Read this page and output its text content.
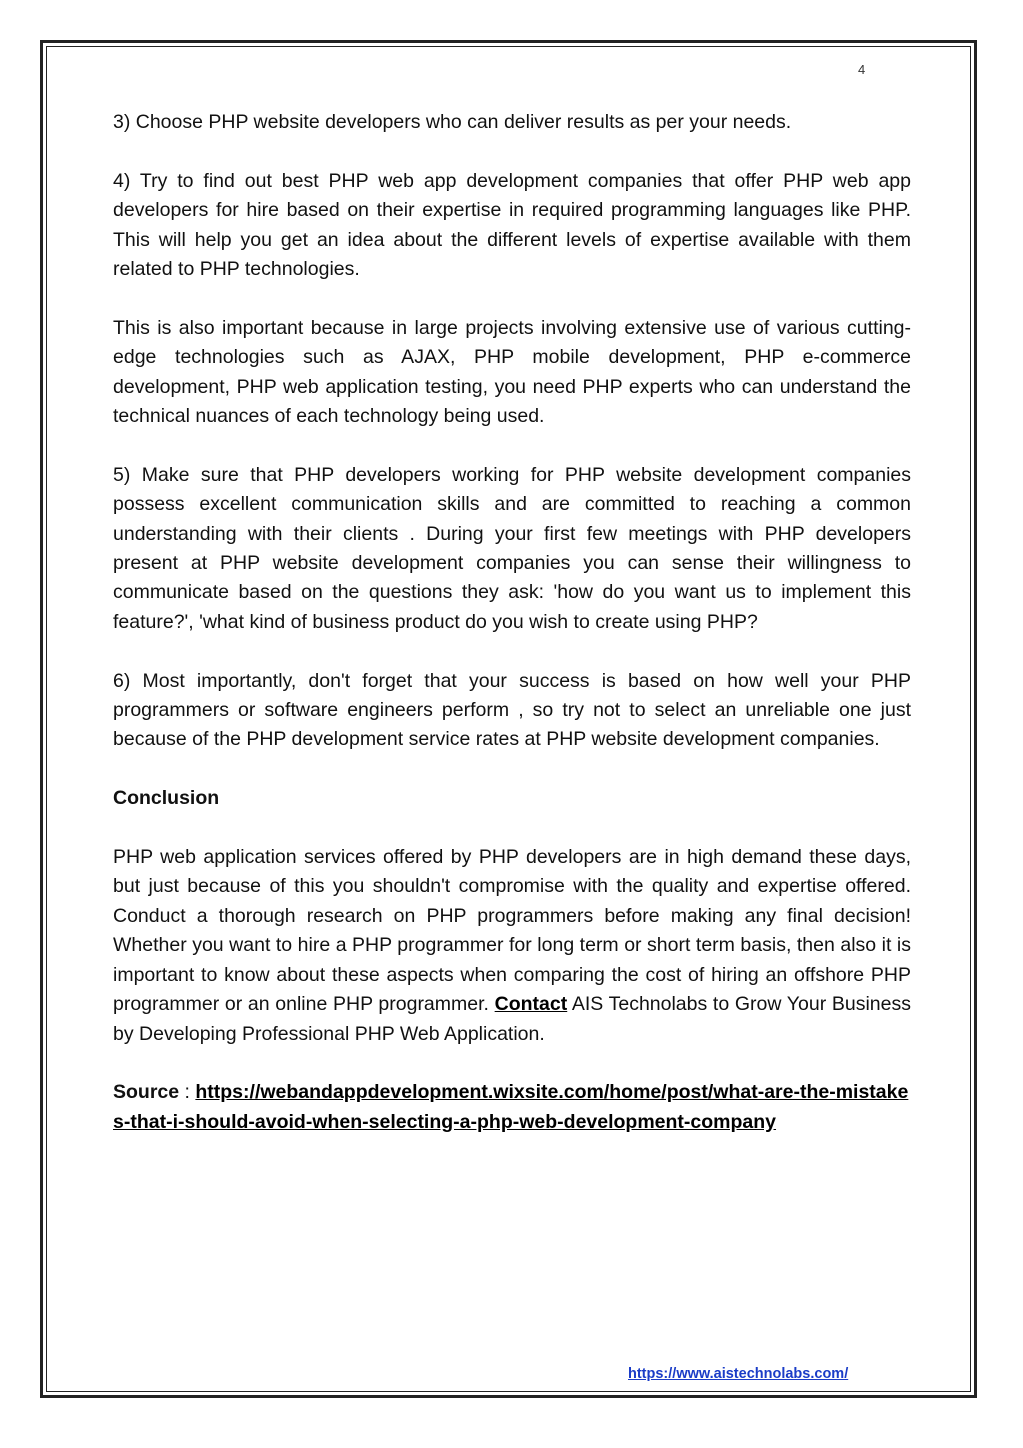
4

3) Choose PHP website developers who can deliver results as per your needs.

4) Try to find out best PHP web app development companies that offer PHP web app developers for hire based on their expertise in required programming languages like PHP. This will help you get an idea about the different levels of expertise available with them related to PHP technologies.

This is also important because in large projects involving extensive use of various cutting-edge technologies such as AJAX, PHP mobile development, PHP e-commerce development, PHP web application testing, you need PHP experts who can understand the technical nuances of each technology being used.

5) Make sure that PHP developers working for PHP website development companies possess excellent communication skills and are committed to reaching a common understanding with their clients . During your first few meetings with PHP developers present at PHP website development companies you can sense their willingness to communicate based on the questions they ask: 'how do you want us to implement this feature?', 'what kind of business product do you wish to create using PHP?

6) Most importantly, don't forget that your success is based on how well your PHP programmers or software engineers perform , so try not to select an unreliable one just because of the PHP development service rates at PHP website development companies.

Conclusion

PHP web application services offered by PHP developers are in high demand these days, but just because of this you shouldn't compromise with the quality and expertise offered. Conduct a thorough research on PHP programmers before making any final decision! Whether you want to hire a PHP programmer for long term or short term basis, then also it is important to know about these aspects when comparing the cost of hiring an offshore PHP programmer or an online PHP programmer. Contact AIS Technolabs to Grow Your Business by Developing Professional PHP Web Application.

Source : https://webandappdevelopment.wixsite.com/home/post/what-are-the-mistakes-that-i-should-avoid-when-selecting-a-php-web-development-company

https://www.aistechnolabs.com/
